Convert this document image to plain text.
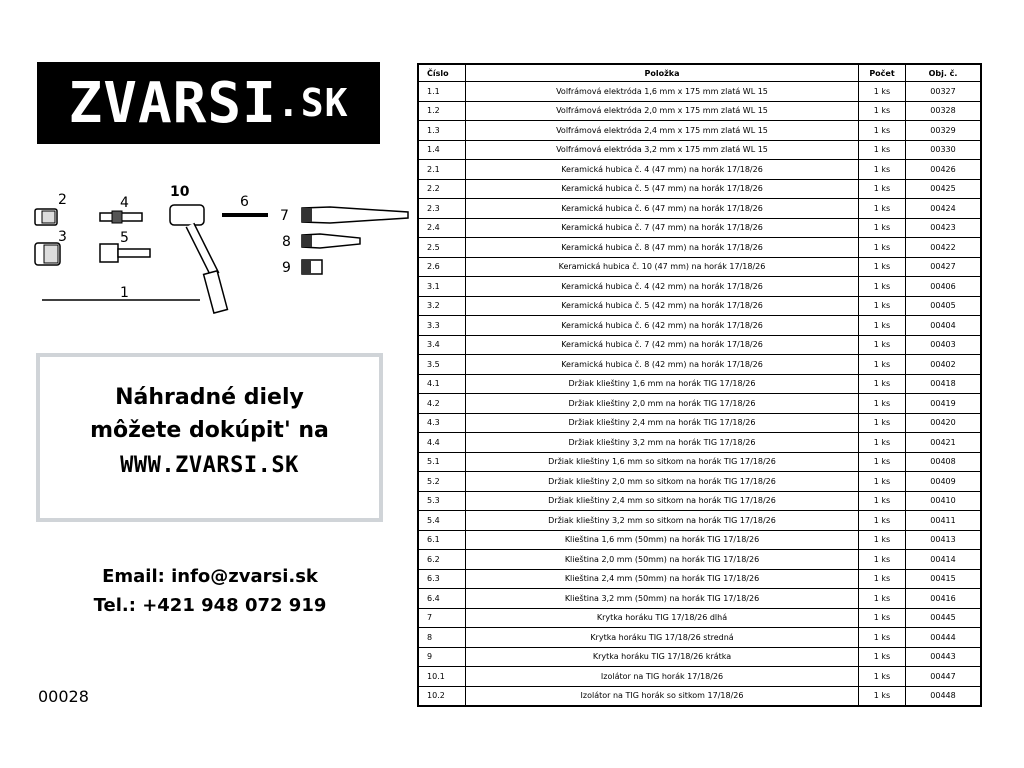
ZVARSI .SK
2	4
10
6
7
3	5	8
9
1
Náhradné diely
môžete dokúpit' na
WWW.ZVARSI.SK
Email: info@zvarsi.sk
Tel.: +421 948 072 919
00028
Číslo	Položka	Počet	Obj. č.
1.1	Volfrámová elektróda 1,6 mm x 175 mm zlatá WL 15	1 ks	00327
1.2	Volfrámová elektróda 2,0 mm x 175 mm zlatá WL 15	1 ks	00328
1.3	Volfrámová elektróda 2,4 mm x 175 mm zlatá WL 15	1 ks	00329
1.4	Volfrámová elektróda 3,2 mm x 175 mm zlatá WL 15	1 ks	00330
2.1	Keramická hubica č. 4 (47 mm) na horák 17/18/26	1 ks	00426
2.2	Keramická hubica č. 5 (47 mm) na horák 17/18/26	1 ks	00425
2.3	Keramická hubica č. 6 (47 mm) na horák 17/18/26	1 ks	00424
2.4	Keramická hubica č. 7 (47 mm) na horák 17/18/26	1 ks	00423
2.5	Keramická hubica č. 8 (47 mm) na horák 17/18/26	1 ks	00422
2.6	Keramická hubica č. 10 (47 mm) na horák 17/18/26	1 ks	00427
3.1	Keramická hubica č. 4 (42 mm) na horák 17/18/26	1 ks	00406
3.2	Keramická hubica č. 5 (42 mm) na horák 17/18/26	1 ks	00405
3.3	Keramická hubica č. 6 (42 mm) na horák 17/18/26	1 ks	00404
3.4	Keramická hubica č. 7 (42 mm) na horák 17/18/26	1 ks	00403
3.5	Keramická hubica č. 8 (42 mm) na horák 17/18/26	1 ks	00402
4.1	Držiak klieštiny 1,6 mm na horák TIG 17/18/26	1 ks	00418
4.2	Držiak klieštiny 2,0 mm na horák TIG 17/18/26	1 ks	00419
4.3	Držiak klieštiny 2,4 mm na horák TIG 17/18/26	1 ks	00420
4.4	Držiak klieštiny 3,2 mm na horák TIG 17/18/26	1 ks	00421
5.1	Držiak klieštiny 1,6 mm so sitkom na horák TIG 17/18/26	1 ks	00408
5.2	Držiak klieštiny 2,0 mm so sitkom na horák TIG 17/18/26	1 ks	00409
5.3	Držiak klieštiny 2,4 mm so sitkom na horák TIG 17/18/26	1 ks	00410
5.4	Držiak klieštiny 3,2 mm so sitkom na horák TIG 17/18/26	1 ks	00411
6.1	Klieština 1,6 mm (50mm) na horák TIG 17/18/26	1 ks	00413
6.2	Klieština 2,0 mm (50mm) na horák TIG 17/18/26	1 ks	00414
6.3	Klieština 2,4 mm (50mm) na horák TIG 17/18/26	1 ks	00415
6.4	Klieština 3,2 mm (50mm) na horák TIG 17/18/26	1 ks	00416
7	Krytka horáku TIG 17/18/26 dlhá	1 ks	00445
8	Krytka horáku TIG 17/18/26 stredná	1 ks	00444
9	Krytka horáku TIG 17/18/26 krátka	1 ks	00443
10.1	Izolátor na TIG horák 17/18/26	1 ks	00447
10.2	Izolátor na TIG horák so sitkom 17/18/26	1 ks	00448
